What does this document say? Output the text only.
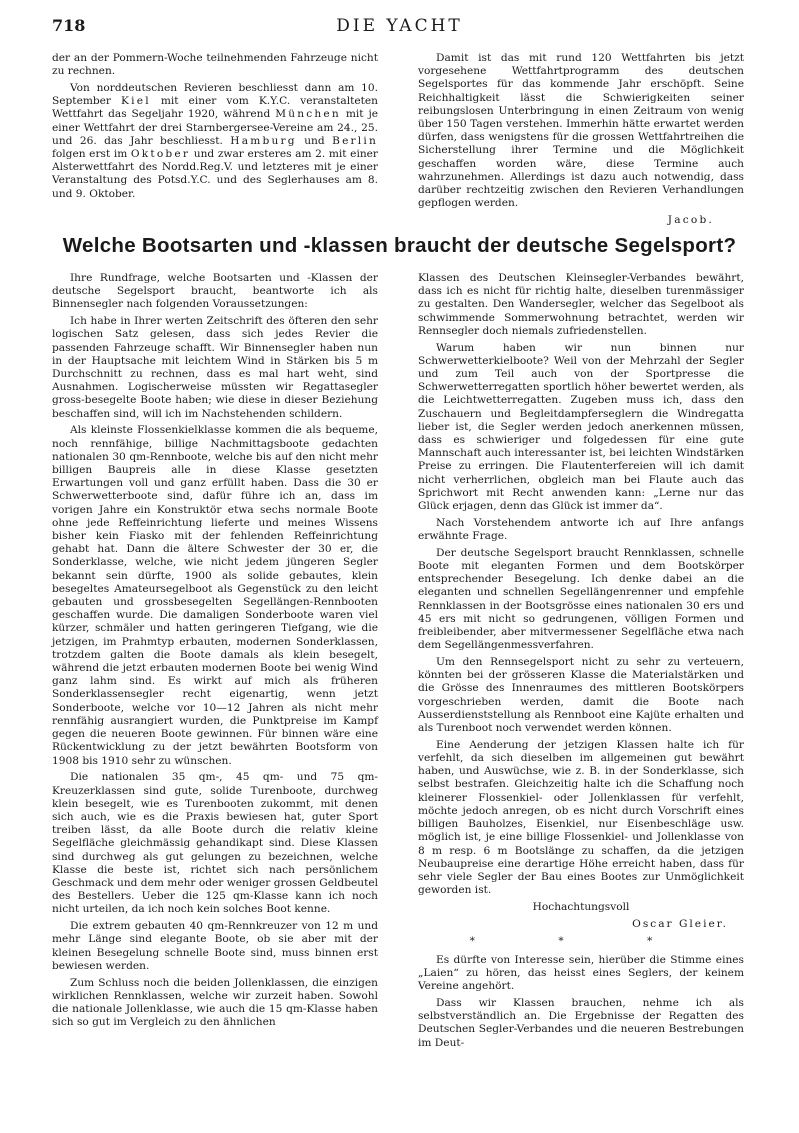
718	DIE YACHT

der an der Pommern-Woche teilnehmenden Fahrzeuge nicht zu rechnen.

Von norddeutschen Revieren beschliesst dann am 10. September Kiel mit einer vom K.Y.C. veranstalteten Wettfahrt das Segeljahr 1920, während München mit je einer Wettfahrt der drei Starnbergersee-Vereine am 24., 25. und 26. das Jahr beschliesst. Hamburg und Berlin folgen erst im Oktober und zwar ersteres am 2. mit einer Alsterwettfahrt des Nordd.Reg.V. und letzteres mit je einer Veranstaltung des Potsd.Y.C. und des Seglerhauses am 8. und 9. Oktober.

Damit ist das mit rund 120 Wettfahrten bis jetzt vorgesehene Wettfahrtprogramm des deutschen Segelsportes für das kommende Jahr erschöpft. Seine Reichhaltigkeit lässt die Schwierigkeiten seiner reibungslosen Unterbringung in einen Zeitraum von wenig über 150 Tagen verstehen. Immerhin hätte erwartet werden dürfen, dass wenigstens für die grossen Wettfahrtreihen die Sicherstellung ihrer Termine und die Möglichkeit geschaffen worden wäre, diese Termine auch wahrzunehmen. Allerdings ist dazu auch notwendig, dass darüber rechtzeitig zwischen den Revieren Verhandlungen gepflogen werden.

Jacob.
Welche Bootsarten und -klassen braucht der deutsche Segelsport?

Ihre Rundfrage, welche Bootsarten und -Klassen der deutsche Segelsport braucht, beantworte ich als Binnensegler nach folgenden Voraussetzungen:

Ich habe in Ihrer werten Zeitschrift des öfteren den sehr logischen Satz gelesen, dass sich jedes Revier die passenden Fahrzeuge schafft. Wir Binnensegler haben nun in der Hauptsache mit leichtem Wind in Stärken bis 5 m Durchschnitt zu rechnen, dass es mal hart weht, sind Ausnahmen. Logischerweise müssten wir Regattasegler gross-besegelte Boote haben; wie diese in dieser Beziehung beschaffen sind, will ich im Nachstehenden schildern.

Als kleinste Flossenkielklasse kommen die als bequeme, noch rennfähige, billige Nachmittagsboote gedachten nationalen 30 qm-Rennboote, welche bis auf den nicht mehr billigen Baupreis alle in diese Klasse gesetzten Erwartungen voll und ganz erfüllt haben. Dass die 30 er Schwerwetterboote sind, dafür führe ich an, dass im vorigen Jahre ein Konstruktör etwa sechs normale Boote ohne jede Reffeinrichtung lieferte und meines Wissens bisher kein Fiasko mit der fehlenden Reffeinrichtung gehabt hat. Dann die ältere Schwester der 30 er, die Sonderklasse, welche, wie nicht jedem jüngeren Segler bekannt sein dürfte, 1900 als solide gebautes, klein besegeltes Amateursegelboot als Gegenstück zu den leicht gebauten und grossbesegelten Segellängen-Rennbooten geschaffen wurde. Die damaligen Sonderboote waren viel kürzer, schmäler und hatten geringeren Tiefgang, wie die jetzigen, im Prahmtyp erbauten, modernen Sonderklassen, trotzdem galten die Boote damals als klein besegelt, während die jetzt erbauten modernen Boote bei wenig Wind ganz lahm sind. Es wirkt auf mich als früheren Sonderklassensegler recht eigenartig, wenn jetzt Sonderboote, welche vor 10—12 Jahren als nicht mehr rennfähig ausrangiert wurden, die Punktpreise im Kampf gegen die neueren Boote gewinnen. Für binnen wäre eine Rückentwicklung zu der jetzt bewährten Bootsform von 1908 bis 1910 sehr zu wünschen.

Die nationalen 35 qm-, 45 qm- und 75 qm-Kreuzerklassen sind gute, solide Turenboote, durchweg klein besegelt, wie es Turenbooten zukommt, mit denen sich auch, wie es die Praxis bewiesen hat, guter Sport treiben lässt, da alle Boote durch die relativ kleine Segelfläche gleichmässig gehandikapt sind. Diese Klassen sind durchweg als gut gelungen zu bezeichnen, welche Klasse die beste ist, richtet sich nach persönlichem Geschmack und dem mehr oder weniger grossen Geldbeutel des Bestellers. Ueber die 125 qm-Klasse kann ich noch nicht urteilen, da ich noch kein solches Boot kenne.

Die extrem gebauten 40 qm-Rennkreuzer von 12 m und mehr Länge sind elegante Boote, ob sie aber mit der kleinen Besegelung schnelle Boote sind, muss binnen erst bewiesen werden.

Zum Schluss noch die beiden Jollenklassen, die einzigen wirklichen Rennklassen, welche wir zurzeit haben. Sowohl die nationale Jollenklasse, wie auch die 15 qm-Klasse haben sich so gut im Vergleich zu den ähnlichen

Klassen des Deutschen Kleinsegler-Verbandes bewährt, dass ich es nicht für richtig halte, dieselben turenmässiger zu gestalten. Den Wandersegler, welcher das Segelboot als schwimmende Sommerwohnung betrachtet, werden wir Rennsegler doch niemals zufriedenstellen.

Warum haben wir nun binnen nur Schwerwetterkielboote? Weil von der Mehrzahl der Segler und zum Teil auch von der Sportpresse die Schwerwetterregatten sportlich höher bewertet werden, als die Leichtwetterregatten. Zugeben muss ich, dass den Zuschauern und Begleitdampferseglern die Windregatta lieber ist, die Segler werden jedoch anerkennen müssen, dass es schwieriger und folgedessen für eine gute Mannschaft auch interessanter ist, bei leichten Windstärken Preise zu erringen. Die Flautenterfereien will ich damit nicht verherrlichen, obgleich man bei Flaute auch das Sprichwort mit Recht anwenden kann: „Lerne nur das Glück erjagen, denn das Glück ist immer da“.

Nach Vorstehendem antworte ich auf Ihre anfangs erwähnte Frage.

Der deutsche Segelsport braucht Rennklassen, schnelle Boote mit eleganten Formen und dem Bootskörper entsprechender Besegelung. Ich denke dabei an die eleganten und schnellen Segellängenrenner und empfehle Rennklassen in der Bootsgrösse eines nationalen 30 ers und 45 ers mit nicht so gedrungenen, völligen Formen und freibleibender, aber mitvermessener Segelfläche etwa nach dem Segellängenmessverfahren.

Um den Rennsegelsport nicht zu sehr zu verteuern, könnten bei der grösseren Klasse die Materialstärken und die Grösse des Innenraumes des mittleren Bootskörpers vorgeschrieben werden, damit die Boote nach Ausserdienststellung als Rennboot eine Kajüte erhalten und als Turenboot noch verwendet werden können.

Eine Aenderung der jetzigen Klassen halte ich für verfehlt, da sich dieselben im allgemeinen gut bewährt haben, und Auswüchse, wie z. B. in der Sonderklasse, sich selbst bestrafen. Gleichzeitig halte ich die Schaffung noch kleinerer Flossenkiel- oder Jollenklassen für verfehlt, möchte jedoch anregen, ob es nicht durch Vorschrift eines billigen Bauholzes, Eisenkiel, nur Eisenbeschläge usw. möglich ist, je eine billige Flossenkiel- und Jollenklasse von 8 m resp. 6 m Bootslänge zu schaffen, da die jetzigen Neubaupreise eine derartige Höhe erreicht haben, dass für sehr viele Segler der Bau eines Bootes zur Unmöglichkeit geworden ist.

Hochachtungsvoll

Oscar Gleier.

* * *

Es dürfte von Interesse sein, hierüber die Stimme eines „Laien“ zu hören, das heisst eines Seglers, der keinem Vereine angehört.

Dass wir Klassen brauchen, nehme ich als selbstverständlich an. Die Ergebnisse der Regatten des Deutschen Segler-Verbandes und die neueren Bestrebungen im Deut-
